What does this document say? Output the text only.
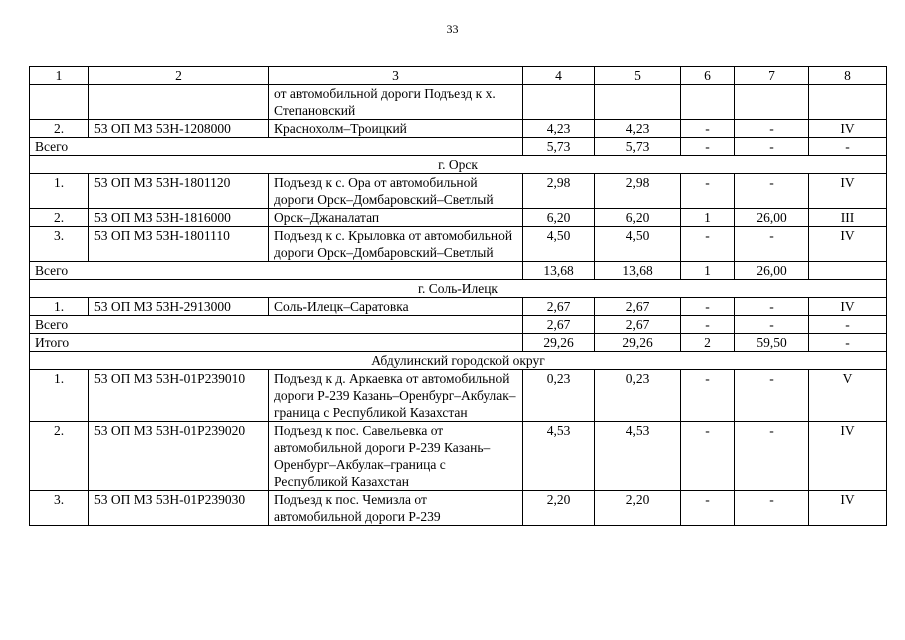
33
1	2	3	4	5	6	7	8
		от автомобильной дороги Подъезд к х. Степановский					
2.	53 ОП МЗ 53Н-1208000	Краснохолм–Троицкий	4,23	4,23	-	-	IV
Всего			5,73	5,73	-	-	-
г. Орск							
1.	53 ОП МЗ 53Н-1801120	Подъезд к с. Ора от автомобильной дороги Орск–Домбаровский–Светлый	2,98	2,98	-	-	IV
2.	53 ОП МЗ 53Н-1816000	Орск–Джаналатап	6,20	6,20	1	26,00	III
3.	53 ОП МЗ 53Н-1801110	Подъезд к с. Крыловка от автомобильной дороги Орск–Домбаровский–Светлый	4,50	4,50	-	-	IV
Всего			13,68	13,68	1	26,00	
г. Соль-Илецк							
1.	53 ОП МЗ 53Н-2913000	Соль-Илецк–Саратовка	2,67	2,67	-	-	IV
Всего			2,67	2,67	-	-	-
Итого			29,26	29,26	2	59,50	-
Абдулинский городской округ							
1.	53 ОП МЗ 53Н-01Р239010	Подъезд к д. Аркаевка от автомобильной дороги Р-239 Казань–Оренбург–Акбулак–граница с Республикой Казахстан	0,23	0,23	-	-	V
2.	53 ОП МЗ 53Н-01Р239020	Подъезд к пос. Савельевка от автомобильной дороги Р-239 Казань–Оренбург–Акбулак–граница с Республикой Казахстан	4,53	4,53	-	-	IV
3.	53 ОП МЗ 53Н-01Р239030	Подъезд к пос. Чемизла от автомобильной дороги Р-239	2,20	2,20	-	-	IV
